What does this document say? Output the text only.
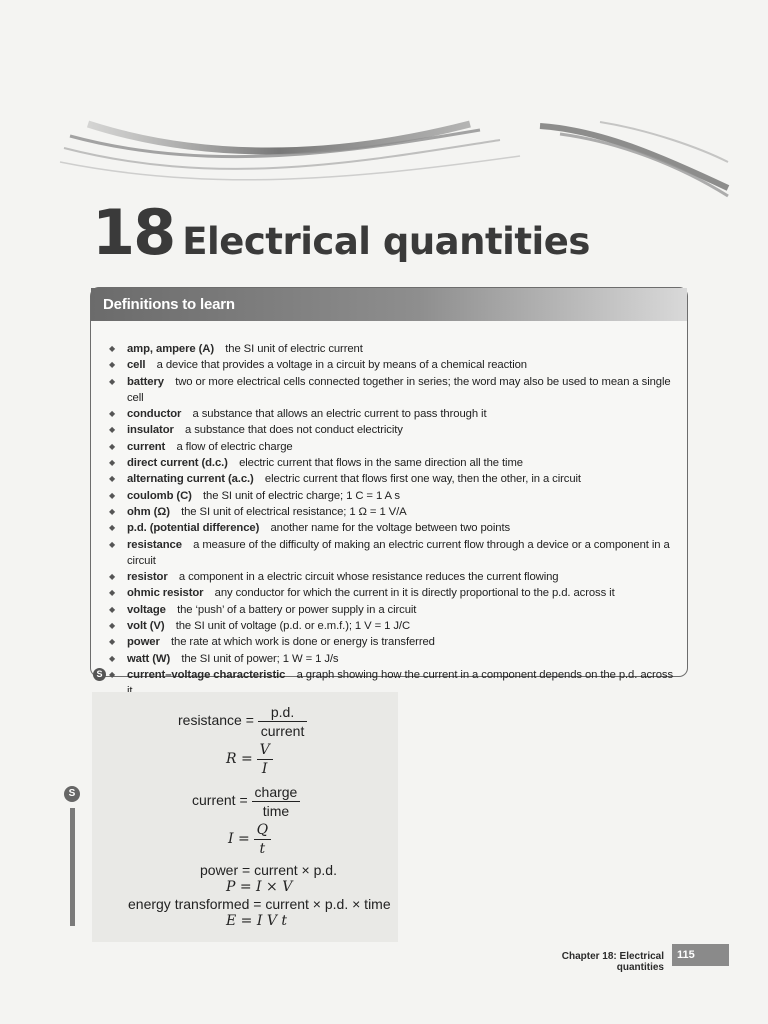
18 Electrical quantities
Definitions to learn
◆ amp, ampere (A)  the SI unit of electric current
◆ cell  a device that provides a voltage in a circuit by means of a chemical reaction
◆ battery  two or more electrical cells connected together in series; the word may also be used to mean a single cell
◆ conductor  a substance that allows an electric current to pass through it
◆ insulator  a substance that does not conduct electricity
◆ current  a flow of electric charge
◆ direct current (d.c.)  electric current that flows in the same direction all the time
◆ alternating current (a.c.)  electric current that flows first one way, then the other, in a circuit
◆ coulomb (C)  the SI unit of electric charge; 1 C = 1 A s
◆ ohm (Ω)  the SI unit of electrical resistance; 1 Ω = 1 V/A
◆ p.d. (potential difference)  another name for the voltage between two points
◆ resistance  a measure of the difficulty of making an electric current flow through a device or a component in a circuit
◆ resistor  a component in a electric circuit whose resistance reduces the current flowing
◆ ohmic resistor  any conductor for which the current in it is directly proportional to the p.d. across it
◆ voltage  the ‘push’ of a battery or power supply in a circuit
◆ volt (V)  the SI unit of voltage (p.d. or e.m.f.); 1 V = 1 J/C
◆ power  the rate at which work is done or energy is transferred
◆ watt (W)  the SI unit of power; 1 W = 1 J/s
S ◆ current–voltage characteristic  a graph showing how the current in a component depends on the p.d. across
S
resistance = $\frac{p.d.}{\text{current}}$
$R = \frac{V}{I}$
current = $\frac{\text{charge}}{\text{time}}$
$I = \frac{Q}{t}$
power = current × p.d.
P = I × V
energy transformed = current × p.d. × time
E = I V t
Chapter 18: Electrical quantities
115
